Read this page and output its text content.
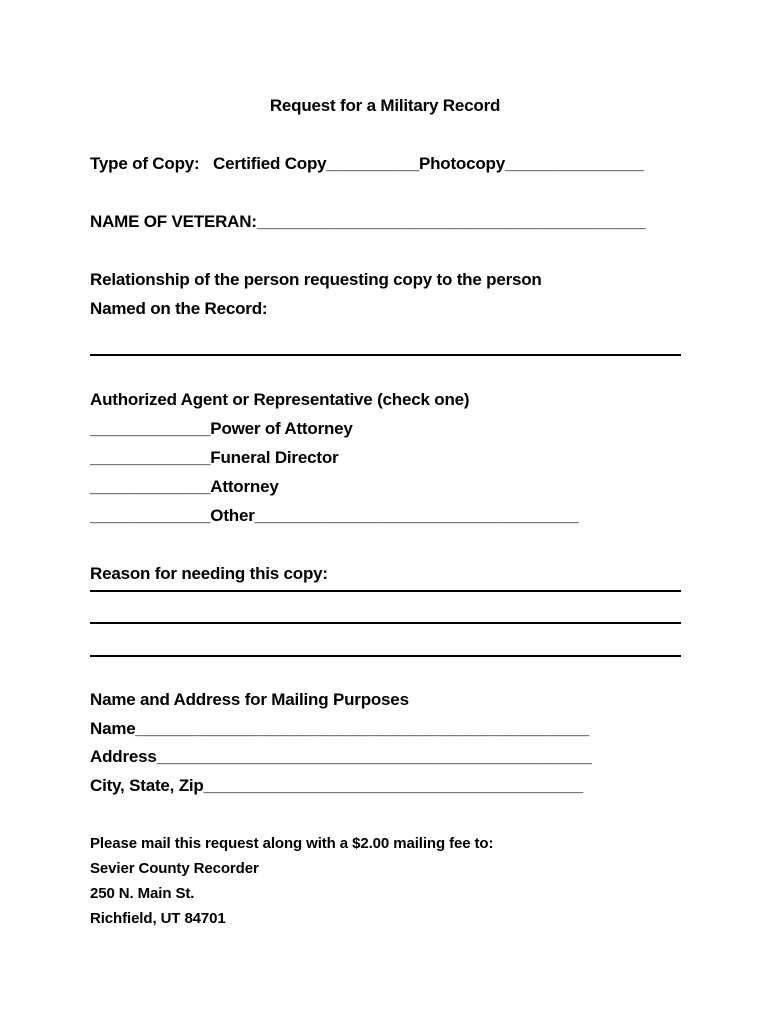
Request for a Military Record
Type of Copy:   Certified Copy__________Photocopy_______________
NAME OF VETERAN:__________________________________________
Relationship of the person requesting copy to the person
Named on the Record:
Authorized Agent or Representative (check one)
_____________Power of Attorney
_____________Funeral Director
_____________Attorney
_____________Other___________________________________
Reason for needing this copy:
Name and Address for Mailing Purposes
Name_________________________________________________
Address_______________________________________________
City, State, Zip_________________________________________
Please mail this request along with a $2.00 mailing fee to:
Sevier County Recorder
250 N. Main St.
Richfield, UT 84701
